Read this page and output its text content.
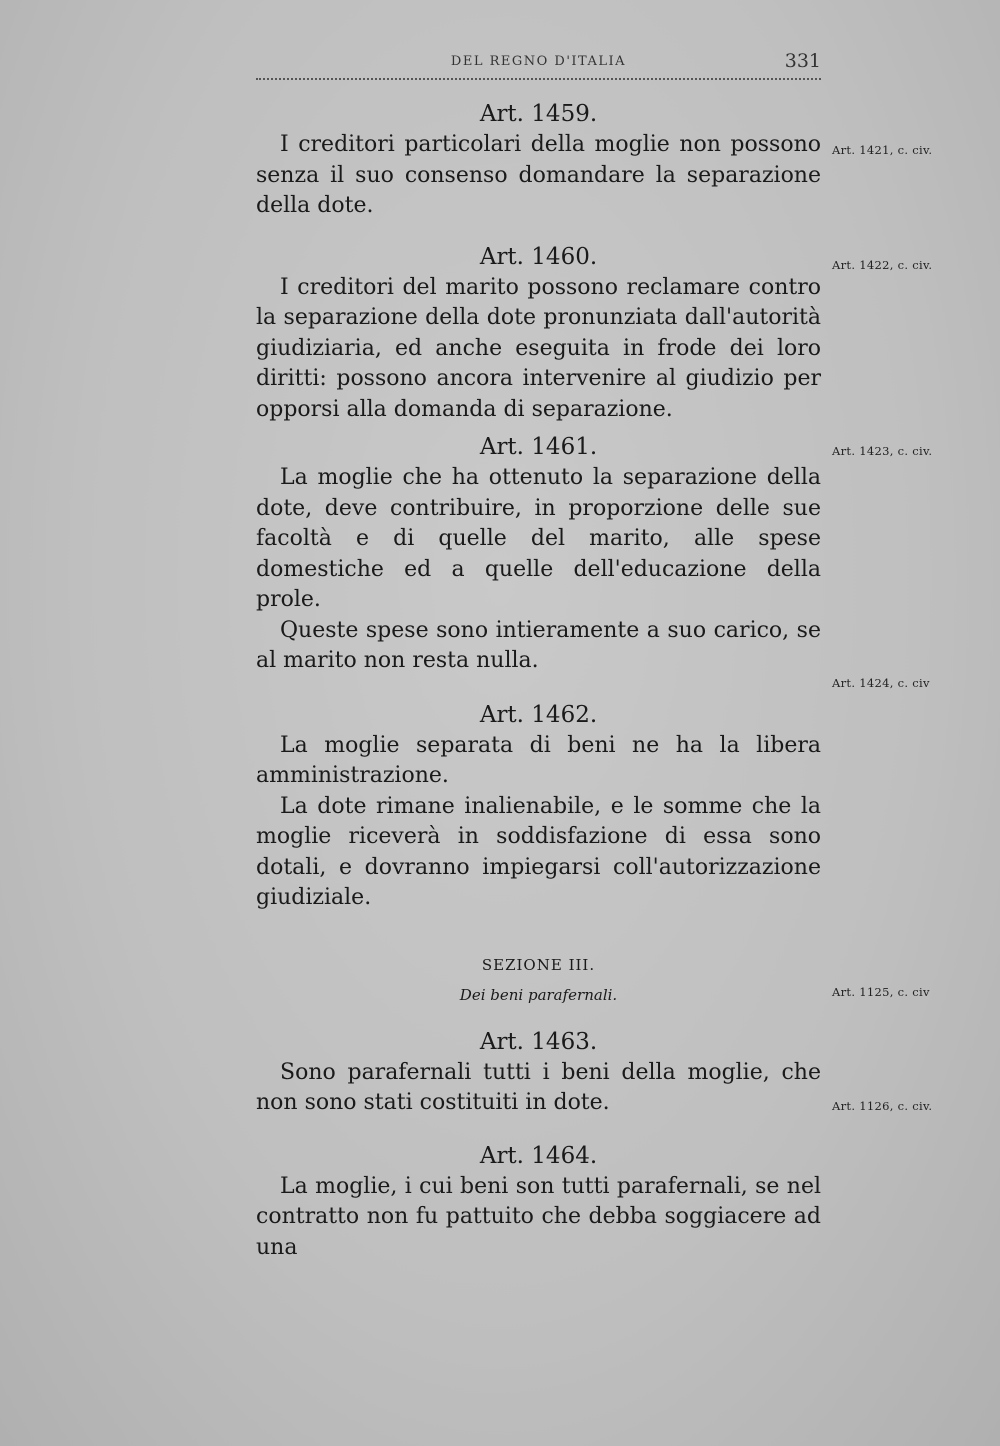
DEL REGNO D'ITALIA	331
Art. 1459.

I creditori particolari della moglie non possono senza il suo consenso domandare la separazione della dote.

Art. 1460.

I creditori del marito possono reclamare contro la separazione della dote pronunziata dall'autorità giudiziaria, ed anche eseguita in frode dei loro diritti: possono ancora intervenire al giudizio per opporsi alla domanda di separazione.

Art. 1461.

La moglie che ha ottenuto la separazione della dote, deve contribuire, in proporzione delle sue facoltà e di quelle del marito, alle spese domestiche ed a quelle dell'educazione della prole.

Queste spese sono intieramente a suo carico, se al marito non resta nulla.

Art. 1462.

La moglie separata di beni ne ha la libera amministrazione.

La dote rimane inalienabile, e le somme che la moglie riceverà in soddisfazione di essa sono dotali, e dovranno impiegarsi coll'autorizzazione giudiziale.

SEZIONE III.
Dei beni parafernali.
Art. 1463.

Sono parafernali tutti i beni della moglie, che non sono stati costituiti in dote.

Art. 1464.

La moglie, i cui beni son tutti parafernali, se nel contratto non fu pattuito che debba soggiacere ad una

Art. 1421, c. civ.
Art. 1422, c. civ.
Art. 1423, c. civ.
Art. 1424, c. civ
Art. 1125, c. civ
Art. 1126, c. civ.
